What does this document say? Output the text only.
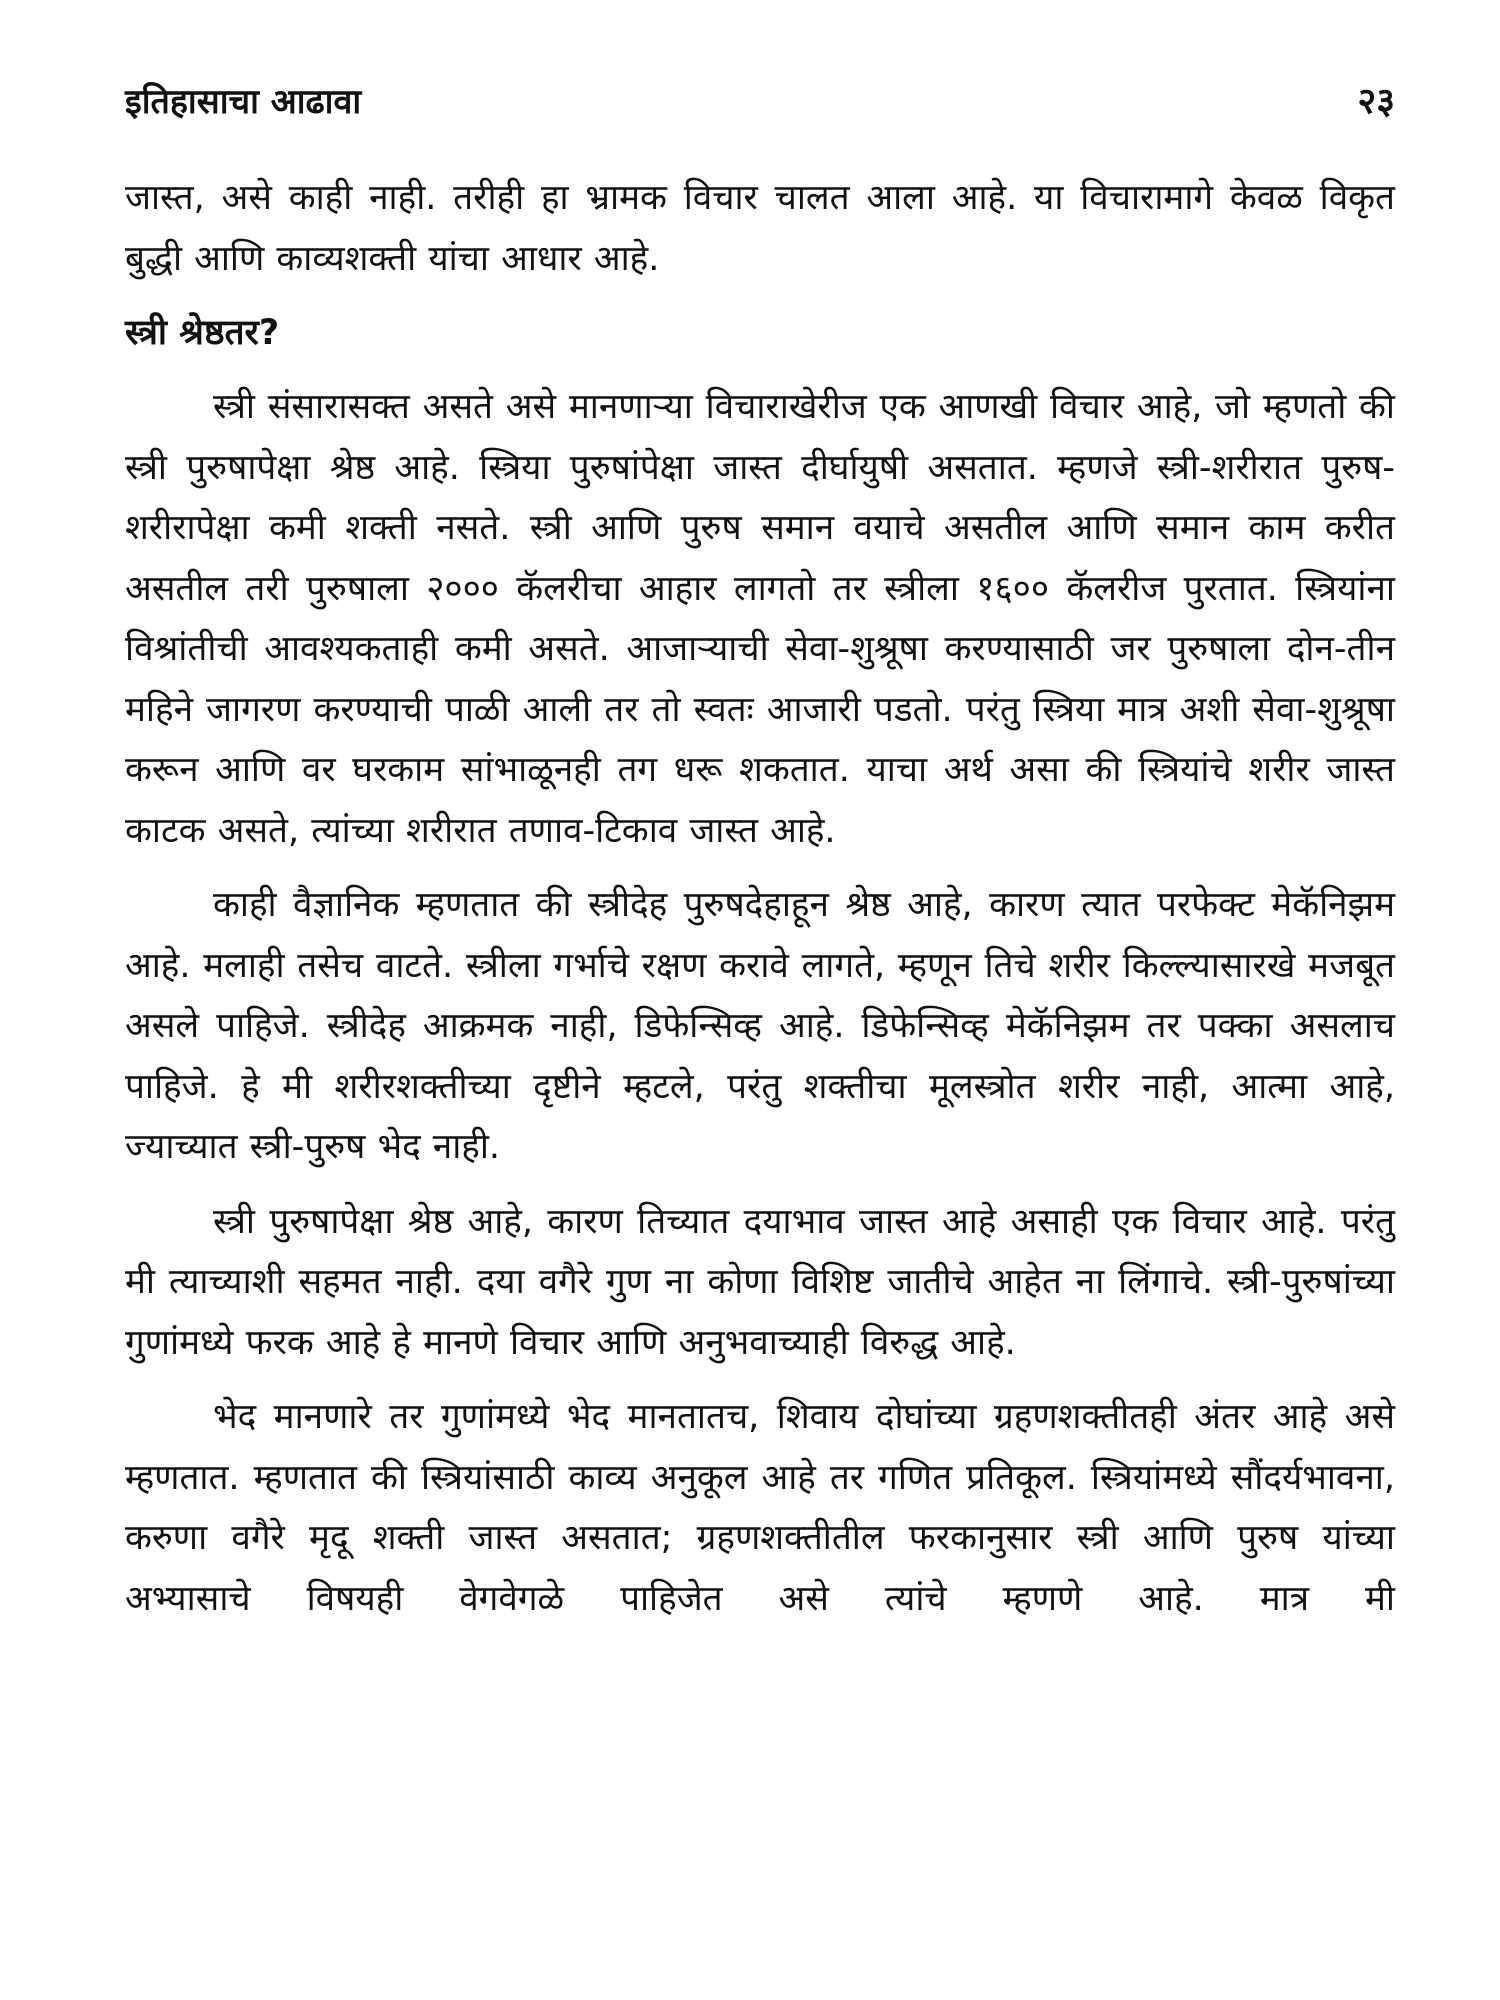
इतिहासाचा आढावा	२३

जास्त, असे काही नाही. तरीही हा भ्रामक विचार चालत आला आहे. या विचारामागे केवळ विकृत बुद्धी आणि काव्यशक्ती यांचा आधार आहे.

स्त्री श्रेष्ठतर?

स्त्री संसारासक्त असते असे मानणाऱ्या विचाराखेरीज एक आणखी विचार आहे, जो म्हणतो की स्त्री पुरुषापेक्षा श्रेष्ठ आहे. स्त्रिया पुरुषांपेक्षा जास्त दीर्घायुषी असतात. म्हणजे स्त्री-शरीरात पुरुष-शरीरापेक्षा कमी शक्ती नसते. स्त्री आणि पुरुष समान वयाचे असतील आणि समान काम करीत असतील तरी पुरुषाला २००० कॅलरीचा आहार लागतो तर स्त्रीला १६०० कॅलरीज पुरतात. स्त्रियांना विश्रांतीची आवश्यकताही कमी असते. आजाऱ्याची सेवा-शुश्रूषा करण्यासाठी जर पुरुषाला दोन-तीन महिने जागरण करण्याची पाळी आली तर तो स्वतः आजारी पडतो. परंतु स्त्रिया मात्र अशी सेवा-शुश्रूषा करून आणि वर घरकाम सांभाळूनही तग धरू शकतात. याचा अर्थ असा की स्त्रियांचे शरीर जास्त काटक असते, त्यांच्या शरीरात तणाव-टिकाव जास्त आहे.

काही वैज्ञानिक म्हणतात की स्त्रीदेह पुरुषदेहाहून श्रेष्ठ आहे, कारण त्यात परफेक्ट मेकॅनिझम आहे. मलाही तसेच वाटते. स्त्रीला गर्भाचे रक्षण करावे लागते, म्हणून तिचे शरीर किल्ल्यासारखे मजबूत असले पाहिजे. स्त्रीदेह आक्रमक नाही, डिफेन्सिव्ह आहे. डिफेन्सिव्ह मेकॅनिझम तर पक्का असलाच पाहिजे. हे मी शरीरशक्तीच्या दृष्टीने म्हटले, परंतु शक्तीचा मूलस्त्रोत शरीर नाही, आत्मा आहे, ज्याच्यात स्त्री-पुरुष भेद नाही.

स्त्री पुरुषापेक्षा श्रेष्ठ आहे, कारण तिच्यात दयाभाव जास्त आहे असाही एक विचार आहे. परंतु मी त्याच्याशी सहमत नाही. दया वगैरे गुण ना कोणा विशिष्ट जातीचे आहेत ना लिंगाचे. स्त्री-पुरुषांच्या गुणांमध्ये फरक आहे हे मानणे विचार आणि अनुभवाच्याही विरुद्ध आहे.

भेद मानणारे तर गुणांमध्ये भेद मानतातच, शिवाय दोघांच्या ग्रहणशक्तीतही अंतर आहे असे म्हणतात. म्हणतात की स्त्रियांसाठी काव्य अनुकूल आहे तर गणित प्रतिकूल. स्त्रियांमध्ये सौंदर्यभावना, करुणा वगैरे मृदू शक्ती जास्त असतात; ग्रहणशक्तीतील फरकानुसार स्त्री आणि पुरुष यांच्या अभ्यासाचे विषयही वेगवेगळे पाहिजेत असे त्यांचे म्हणणे आहे. मात्र मी
